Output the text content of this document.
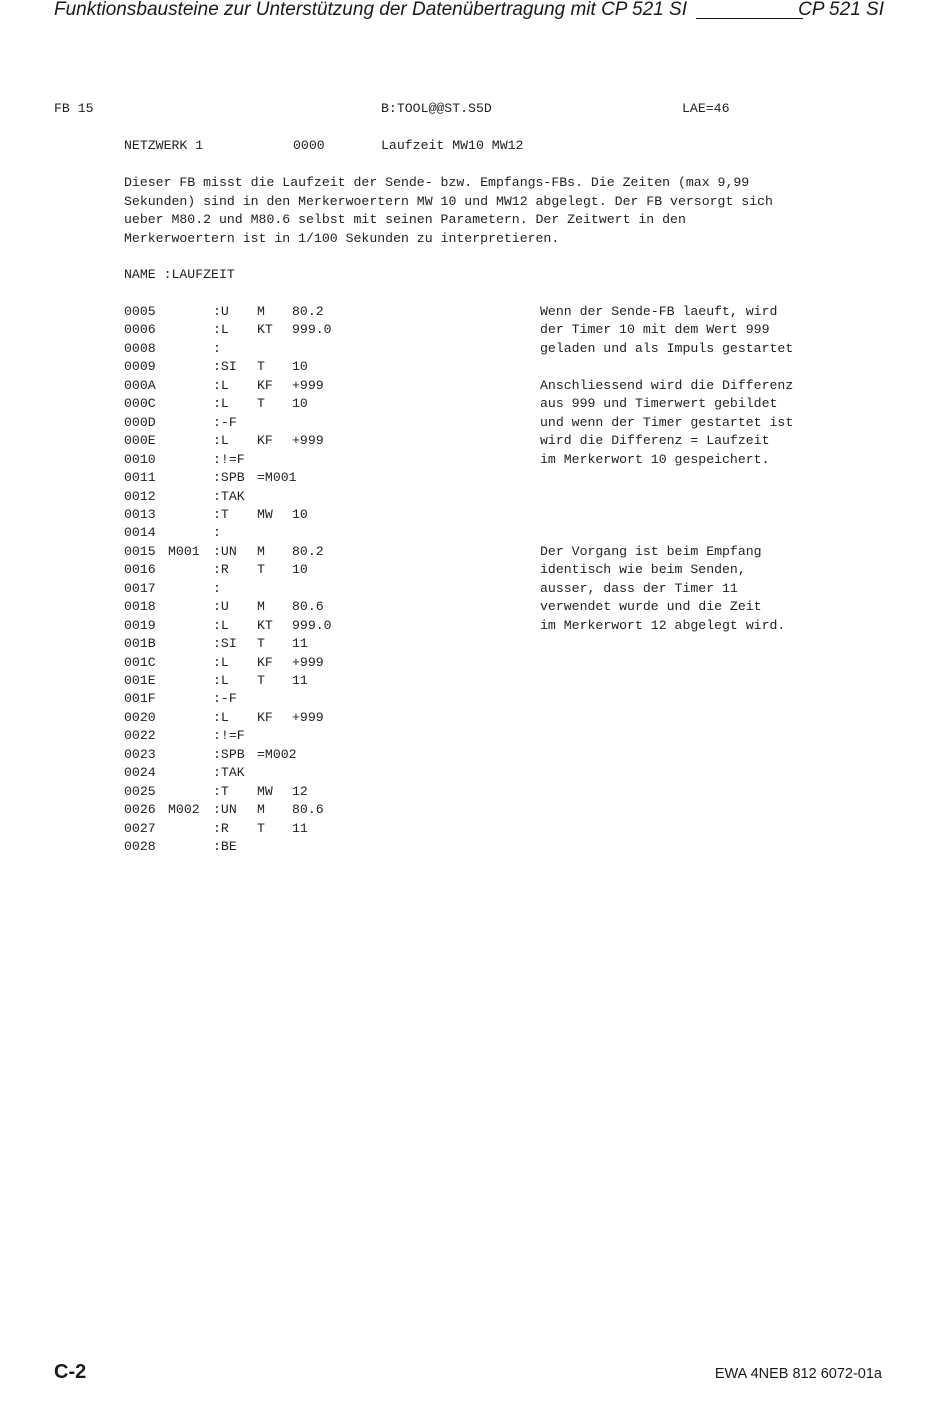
Funktionsbausteine zur Unterstützung der Datenübertragung mit CP 521 SI	CP 521 SI
FB 15	B:TOOL@@ST.S5D	LAE=46
NETZWERK 1	0000	Laufzeit MW10 MW12
Dieser FB misst die Laufzeit der Sende- bzw. Empfangs-FBs. Die Zeiten (max 9,99
Sekunden) sind in den Merkerwoertern MW 10 und MW12 abgelegt. Der FB versorgt sich
ueber M80.2 und M80.6 selbst mit seinen Parametern. Der Zeitwert in den
Merkerwoertern ist in 1/100 Sekunden zu interpretieren.
NAME :LAUFZEIT
0005	:U M 80.2	Wenn der Sende-FB laeuft, wird
0006	:L KT 999.0	der Timer 10 mit dem Wert 999
0008	:	geladen und als Impuls gestartet
0009	:SI T 10
000A	:L KF +999	Anschliessend wird die Differenz
000C	:L T 10	aus 999 und Timerwert gebildet
000D	:-F	und wenn der Timer gestartet ist
000E	:L KF +999	wird die Differenz = Laufzeit
0010	:!=F	im Merkerwort 10 gespeichert.
0011	:SPB =M001
0012	:TAK
0013	:T MW 10
0014	:
0015 M001 :UN M 80.2	Der Vorgang ist beim Empfang
0016	:R T 10	identisch wie beim Senden,
0017	:	ausser, dass der Timer 11
0018	:U M 80.6	verwendet wurde und die Zeit
0019	:L KT 999.0	im Merkerwort 12 abgelegt wird.
001B	:SI T 11
001C	:L KF +999
001E	:L T 11
001F	:-F
0020	:L KF +999
0022	:!=F
0023	:SPB =M002
0024	:TAK
0025	:T MW 12
0026 M002 :UN M 80.6
0027	:R T 11
0028	:BE
C-2	EWA 4NEB 812 6072-01a
